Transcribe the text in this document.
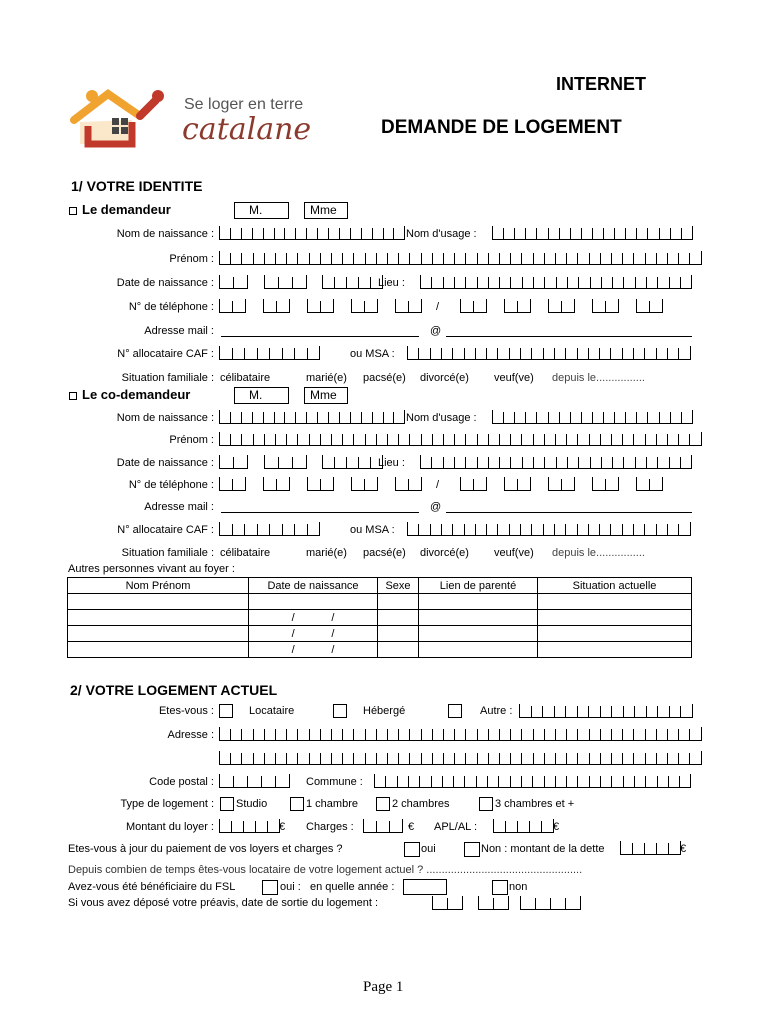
Se loger en terre
catalane
INTERNET
DEMANDE DE LOGEMENT
1/ VOTRE IDENTITE
Le demandeur	M.	Mme
Nom de naissance :	Nom d'usage :
Prénom :
Date de naissance :	Lieu :
N° de téléphone :	/
Adresse mail :	@
N° allocataire CAF :	ou MSA :
Situation familiale : célibataire	marié(e) pacsé(e) divorcé(e) veuf(ve) depuis le................
Le co-demandeur	M.	Mme
Nom de naissance :	Nom d'usage :
Prénom :
Date de naissance :	Lieu :
N° de téléphone :	/
Adresse mail :	@
N° allocataire CAF :	ou MSA :
Situation familiale : célibataire	marié(e) pacsé(e) divorcé(e) veuf(ve) depuis le................
Autres personnes vivant au foyer :
Nom Prénom	Date de naissance	Sexe	Lien de parenté	Situation actuelle

	/ /			
	/ /			
	/ /			
2/ VOTRE LOGEMENT ACTUEL
Etes-vous :	Locataire	Hébergé	Autre :
Adresse :
Code postal :	Commune :
Type de logement : Studio	1 chambre	2 chambres	3 chambres et +
Montant du loyer :	€ Charges :	€ APL/AL :	€
Etes-vous à jour du paiement de vos loyers et charges ?	oui	Non : montant de la dette	€
Depuis combien de temps êtes-vous locataire de votre logement actuel ? ...................................................
Avez-vous été bénéficiaire du FSL	oui : en quelle année :	non
Si vous avez déposé votre préavis, date de sortie du logement :
Page 1
